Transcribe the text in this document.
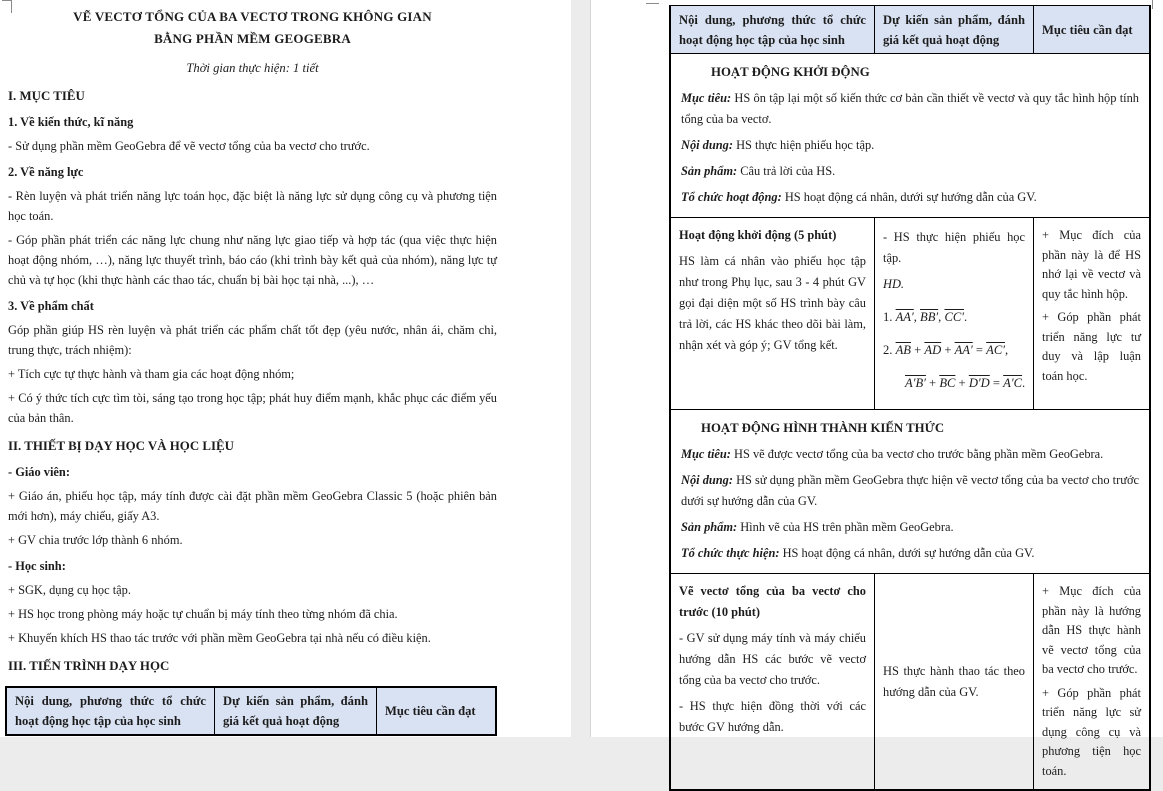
VẼ VECTƠ TỔNG CỦA BA VECTƠ TRONG KHÔNG GIAN
BẰNG PHẦN MỀM GEOGEBRA
Thời gian thực hiện: 1 tiết
I. MỤC TIÊU
1. Về kiến thức, kĩ năng
- Sử dụng phần mềm GeoGebra để vẽ vectơ tổng của ba vectơ cho trước.
2. Về năng lực
- Rèn luyện và phát triển năng lực toán học, đặc biệt là năng lực sử dụng công cụ và phương tiện học toán.
- Góp phần phát triển các năng lực chung như năng lực giao tiếp và hợp tác (qua việc thực hiện hoạt động nhóm, …), năng lực thuyết trình, báo cáo (khi trình bày kết quả của nhóm), năng lực tự chủ và tự học (khi thực hành các thao tác, chuẩn bị bài học tại nhà, ...), …
3. Về phẩm chất
Góp phần giúp HS rèn luyện và phát triển các phẩm chất tốt đẹp (yêu nước, nhân ái, chăm chỉ, trung thực, trách nhiệm):
+ Tích cực tự thực hành và tham gia các hoạt động nhóm;
+ Có ý thức tích cực tìm tòi, sáng tạo trong học tập; phát huy điểm mạnh, khắc phục các điểm yếu của bản thân.
II. THIẾT BỊ DẠY HỌC VÀ HỌC LIỆU
- Giáo viên:
+ Giáo án, phiếu học tập, máy tính được cài đặt phần mềm GeoGebra Classic 5 (hoặc phiên bản mới hơn), máy chiếu, giấy A3.
+ GV chia trước lớp thành 6 nhóm.
- Học sinh:
+ SGK, dụng cụ học tập.
+ HS học trong phòng máy hoặc tự chuẩn bị máy tính theo từng nhóm đã chia.
+ Khuyến khích HS thao tác trước với phần mềm GeoGebra tại nhà nếu có điều kiện.
III. TIẾN TRÌNH DẠY HỌC
Nội dung, phương thức tổ chức hoạt động học tập của học sinh
Dự kiến sản phẩm, đánh giá kết quả hoạt động
Mục tiêu cần đạt
Nội dung, phương thức tổ chức hoạt động học tập của học sinh
Dự kiến sản phẩm, đánh giá kết quả hoạt động
Mục tiêu cần đạt
HOẠT ĐỘNG KHỞI ĐỘNG
Mục tiêu: HS ôn tập lại một số kiến thức cơ bản cần thiết về vectơ và quy tắc hình hộp tính tổng của ba vectơ.
Nội dung: HS thực hiện phiếu học tập.
Sản phẩm: Câu trả lời của HS.
Tổ chức hoạt động: HS hoạt động cá nhân, dưới sự hướng dẫn của GV.
Hoạt động khởi động (5 phút)
HS làm cá nhân vào phiếu học tập như trong Phụ lục, sau 3 - 4 phút GV gọi đại diện một số HS trình bày câu trả lời, các HS khác theo dõi bài làm, nhận xét và góp ý; GV tổng kết.
- HS thực hiện phiếu học tập.
HD.
1. AA′, BB′, CC′.
2. $\overline{AB} + \overline{AD} + AA' = AC'$,
$A'B' + \overline{BC} + D'D = A'C$.
+ Mục đích của phần này là để HS nhớ lại về vectơ và quy tắc hình hộp.
+ Góp phần phát triển năng lực tư duy và lập luận toán học.
HOẠT ĐỘNG HÌNH THÀNH KIẾN THỨC
Mục tiêu: HS vẽ được vectơ tổng của ba vectơ cho trước bằng phần mềm GeoGebra.
Nội dung: HS sử dụng phần mềm GeoGebra thực hiện vẽ vectơ tổng của ba vectơ cho trước dưới sự hướng dẫn của GV.
Sản phẩm: Hình vẽ của HS trên phần mềm GeoGebra.
Tổ chức thực hiện: HS hoạt động cá nhân, dưới sự hướng dẫn của GV.
Vẽ vectơ tổng của ba vectơ cho trước (10 phút)
- GV sử dụng máy tính và máy chiếu hướng dẫn HS các bước vẽ vectơ tổng của ba vectơ cho trước.
- HS thực hiện đồng thời với các bước GV hướng dẫn.
HS thực hành thao tác theo hướng dẫn của GV.
+ Mục đích của phần này là hướng dẫn HS thực hành vẽ vectơ tổng của ba vectơ cho trước.
+ Góp phần phát triển năng lực sử dụng công cụ và phương tiện học toán.
